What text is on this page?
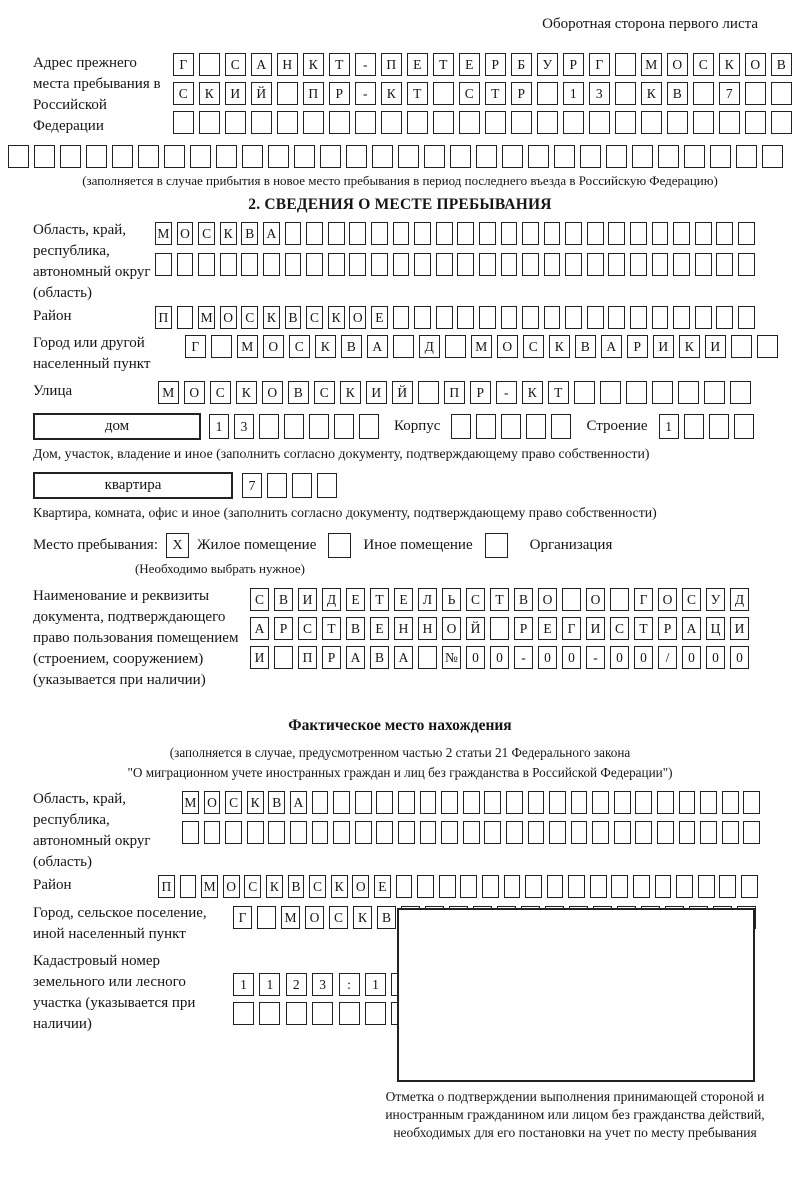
Оборотная сторона первого листа
Адрес прежнего места пребывания в Российской Федерации
Г	С	А	Н	К	Т	-	П	Е	Т	Е	Р	Б	У	Р	Г	М	О	С	К	О	В
С	К	И	Й	П	Р	-	К	Т	С	Т	Р	1	3	К	В	7
(заполняется в случае прибытия в новое место пребывания в период последнего въезда в Российскую Федерацию)
2. СВЕДЕНИЯ О МЕСТЕ ПРЕБЫВАНИЯ
Область, край, республика, автономный округ (область)
М О С К В А
Район	П М О С К В С К О Е
Город или другой населенный пункт
Г	М	О	С	К	В	А	Д	М	О	С	К	В	А	Р	И	К	И
Улица	М	О	С	К	О	В	С	К	И	Й	П	Р	-	К	Т
дом	1	3	Корпус	Строение	1
Дом, участок, владение и иное (заполнить согласно документу, подтверждающему право собственности)
квартира	7
Квартира, комната, офис и иное (заполнить согласно документу, подтверждающему право собственности)
Место пребывания:	X Жилое помещение	Иное помещение	Организация
(Необходимо выбрать нужное)
Наименование и реквизиты документа, подтверждающего право пользования помещением (строением, сооружением) (указывается при наличии)
С	В	И	Д	Е	Т	Е	Л	Ь	С	Т	В	О	О	Г	О	С	У	Д
А	Р	С	Т	В	Е	Н	Н	О	Й	Р	Е	Г	И	С	Т	Р	А	Ц	И
И	П	Р	А	В	А	№	0	0	-	0	0	-	0	0	/	0	0	0
Фактическое место нахождения
(заполняется в случае, предусмотренном частью 2 статьи 21 Федерального закона
"О миграционном учете иностранных граждан и лиц без гражданства в Российской Федерации")
Область, край, республика, автономный округ (область)
М О С К В А
Район	П М О С К В С К О Е
Город, сельское поселение, иной населенный пункт
Г	М О	С	К	В
Кадастровый номер земельного или лесного участка (указывается при наличии)
1	1	2	3	:	1
Отметка о подтверждении выполнения принимающей стороной и иностранным гражданином или лицом без гражданства действий, необходимых для его постановки на учет по месту пребывания
